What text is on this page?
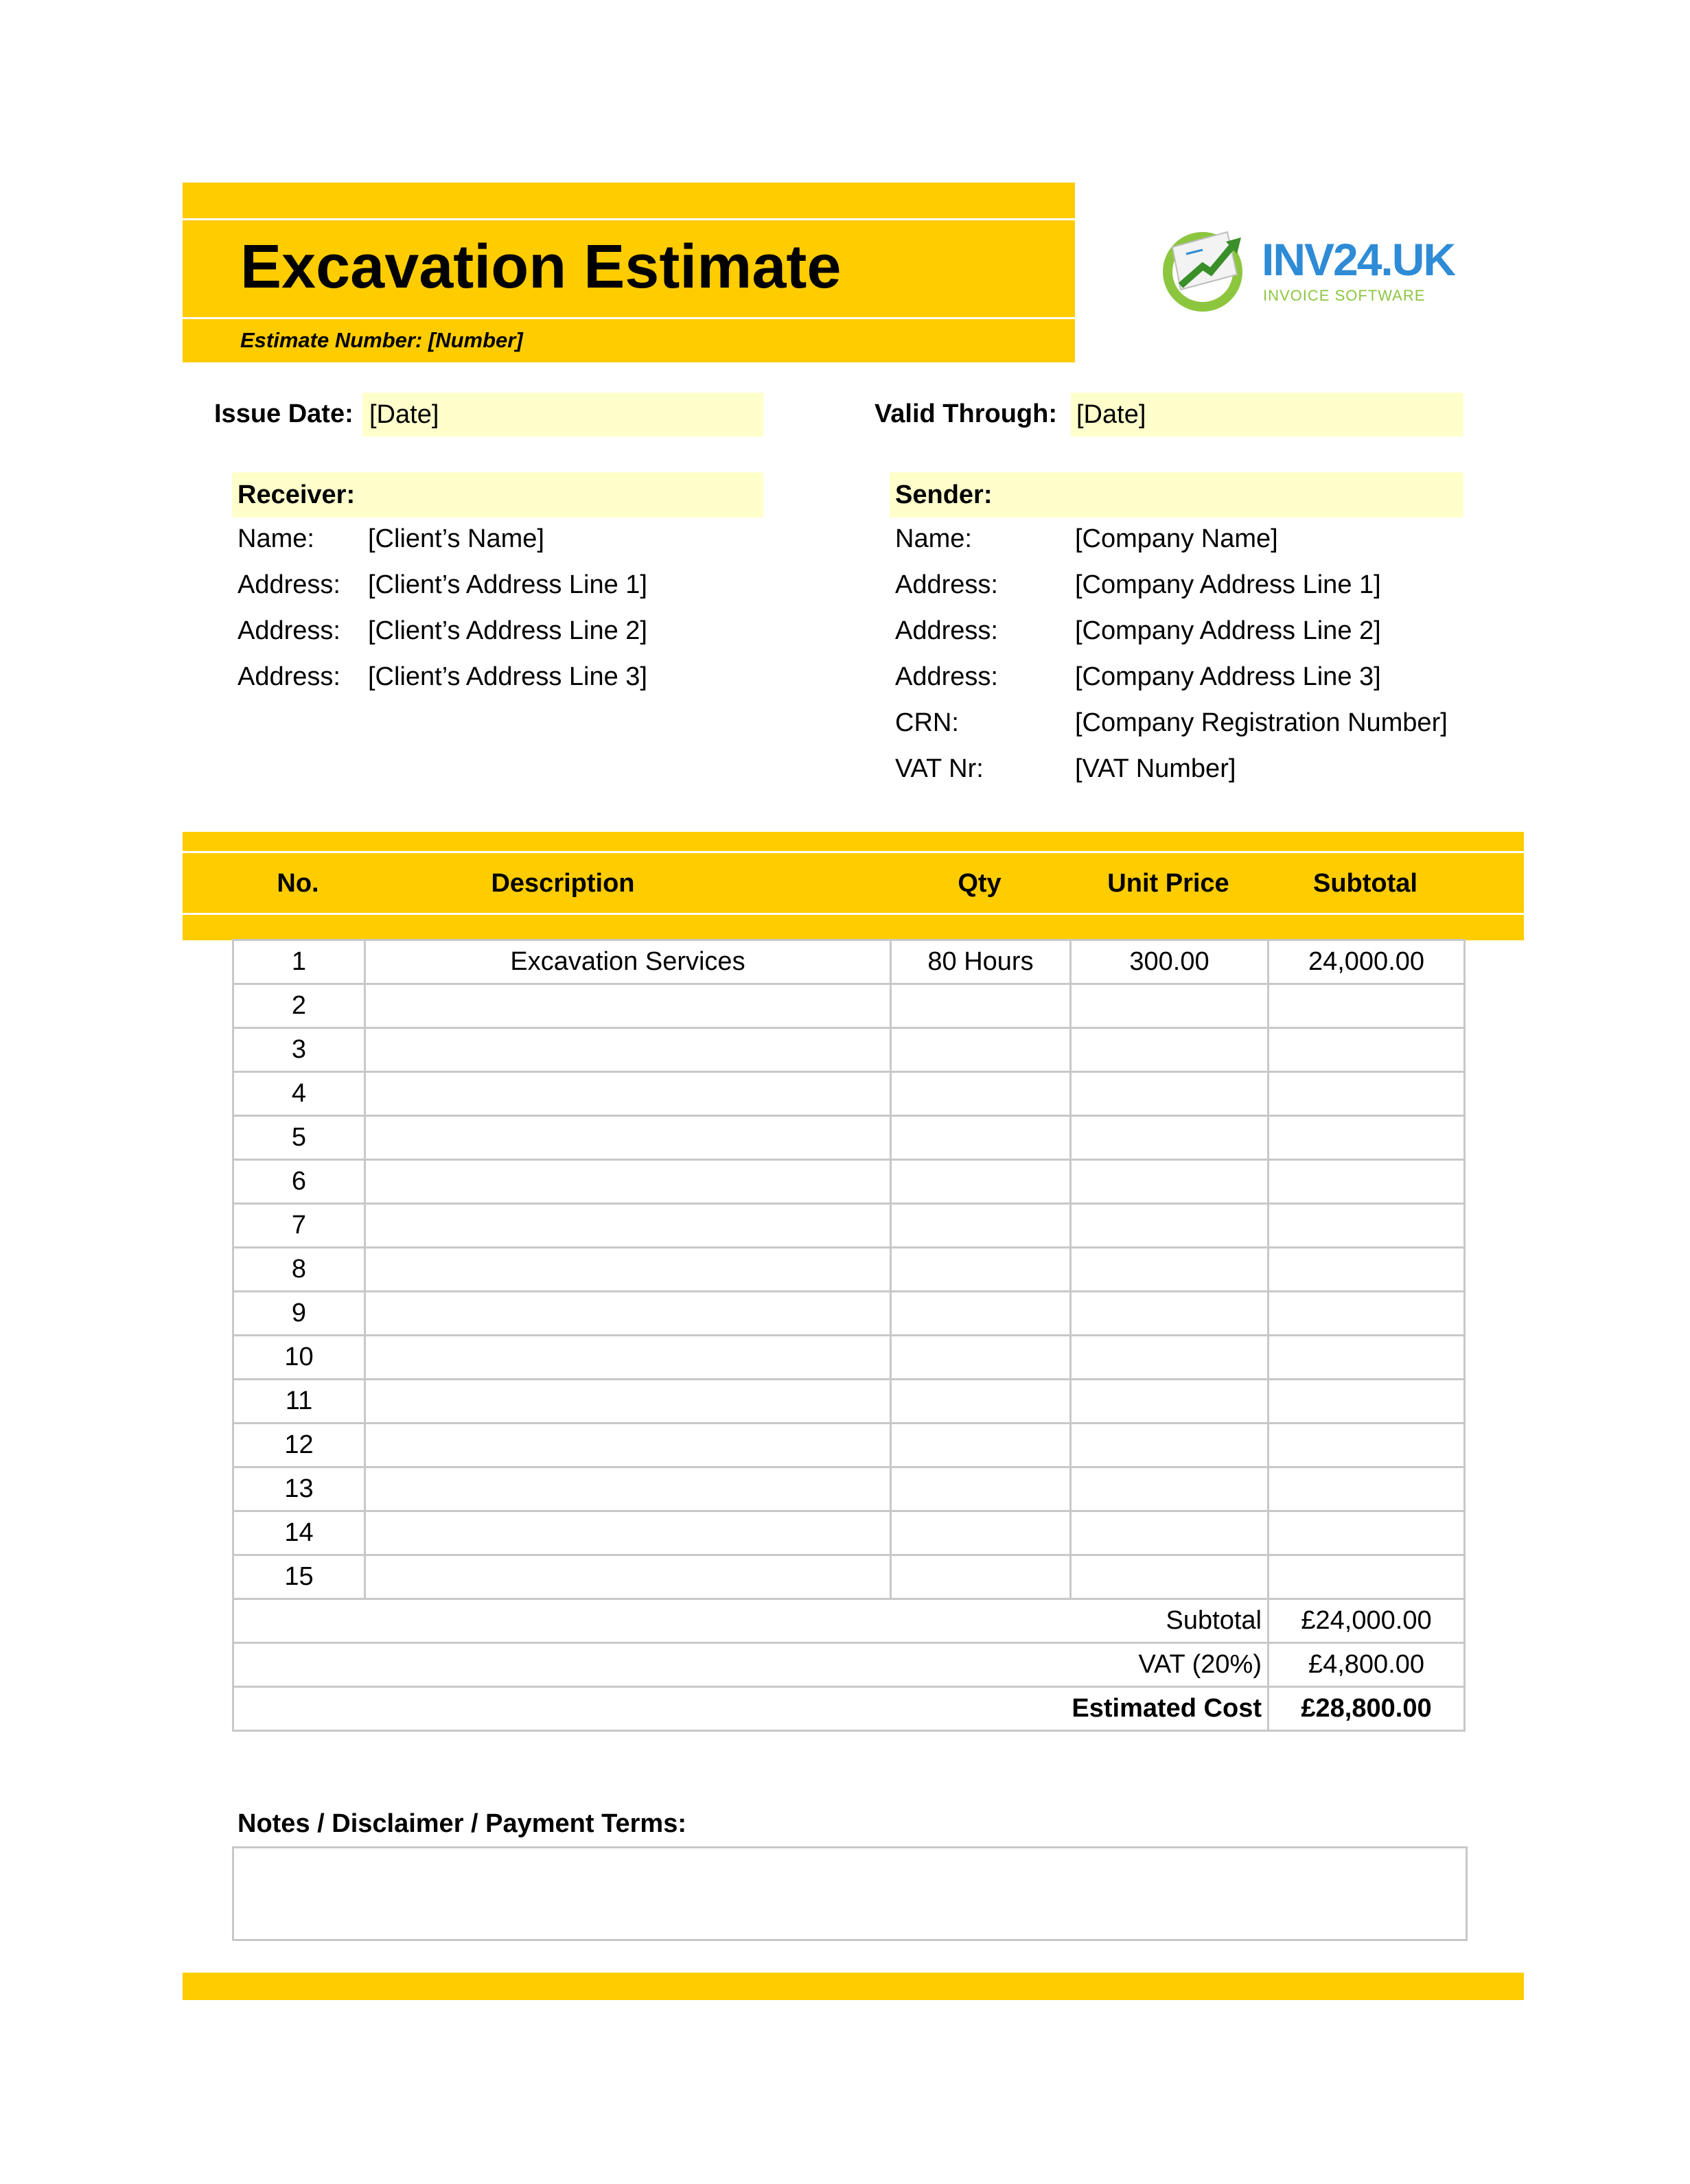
Excavation Estimate
Estimate Number: [Number]
INV24.UK
INVOICE SOFTWARE
Issue Date: [Date]	Valid Through: [Date]
Receiver:
Name: [Client’s Name]
Address: [Client’s Address Line 1]
Address: [Client’s Address Line 2]
Address: [Client’s Address Line 3]
Sender:
Name:	[Company Name]
Address:	[Company Address Line 1]
Address:	[Company Address Line 2]
Address:	[Company Address Line 3]
CRN:	[Company Registration Number]
VAT Nr:	[VAT Number]
No.	Description	Qty	Unit Price	Subtotal
1	Excavation Services	80 Hours	300.00	24,000.00
2				
3				
4				
5				
6				
7				
8				
9				
10				
11				
12				
13				
14				
15				
Subtotal				£24,000.00
VAT (20%)				£4,800.00
Estimated Cost				£28,800.00
Notes / Disclaimer / Payment Terms:
